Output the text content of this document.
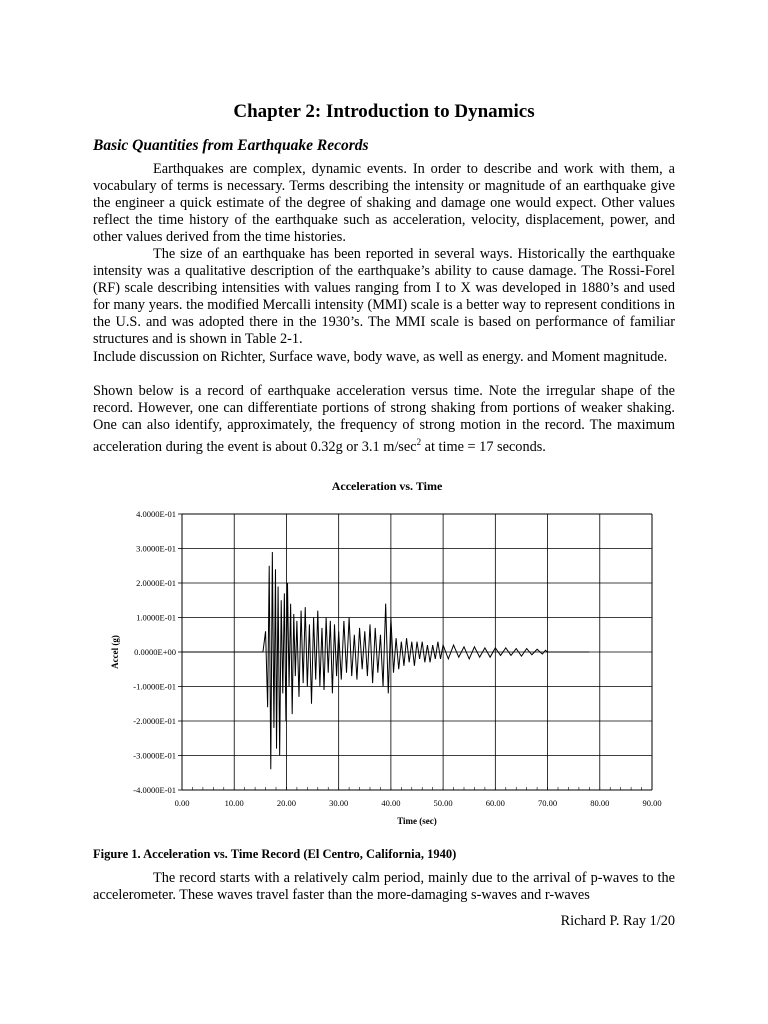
Chapter 2: Introduction to Dynamics
Basic Quantities from Earthquake Records

Earthquakes are complex, dynamic events. In order to describe and work with them, a vocabulary of terms is necessary. Terms describing the intensity or magnitude of an earthquake give the engineer a quick estimate of the degree of shaking and damage one would expect. Other values reflect the time history of the earthquake such as acceleration, velocity, displacement, power, and other values derived from the time histories.

The size of an earthquake has been reported in several ways. Historically the earthquake intensity was a qualitative description of the earthquake’s ability to cause damage. The Rossi-Forel (RF) scale describing intensities with values ranging from I to X was developed in 1880’s and used for many years. the modified Mercalli intensity (MMI) scale is a better way to represent conditions in the U.S. and was adopted there in the 1930’s. The MMI scale is based on performance of familiar structures and is shown in Table 2-1.

Include discussion on Richter, Surface wave, body wave, as well as energy. and Moment magnitude.

Shown below is a record of earthquake acceleration versus time. Note the irregular shape of the record. However, one can differentiate portions of strong shaking from portions of weaker shaking. One can also identify, approximately, the frequency of strong motion in the record. The maximum acceleration during the event is about 0.32g or 3.1 $m/\sec^2$ at time = 17 seconds.

Acceleration vs. Time
0.00	10.00	20.00	30.00	40.00	50.00	60.00	70.00	80.00	90.00
4.0000E-01
3.0000E-01
2.0000E-01
1.0000E-01
0.0000E+00
-1.0000E-01
-2.0000E-01
-3.0000E-01
-4.0000E-01
Time (sec)
Accel (g)

Figure 1. Acceleration vs. Time Record (El Centro, California, 1940)

The record starts with a relatively calm period, mainly due to the arrival of p-waves to the accelerometer. These waves travel faster than the more-damaging s-waves and r-waves

Richard P. Ray 1/20
